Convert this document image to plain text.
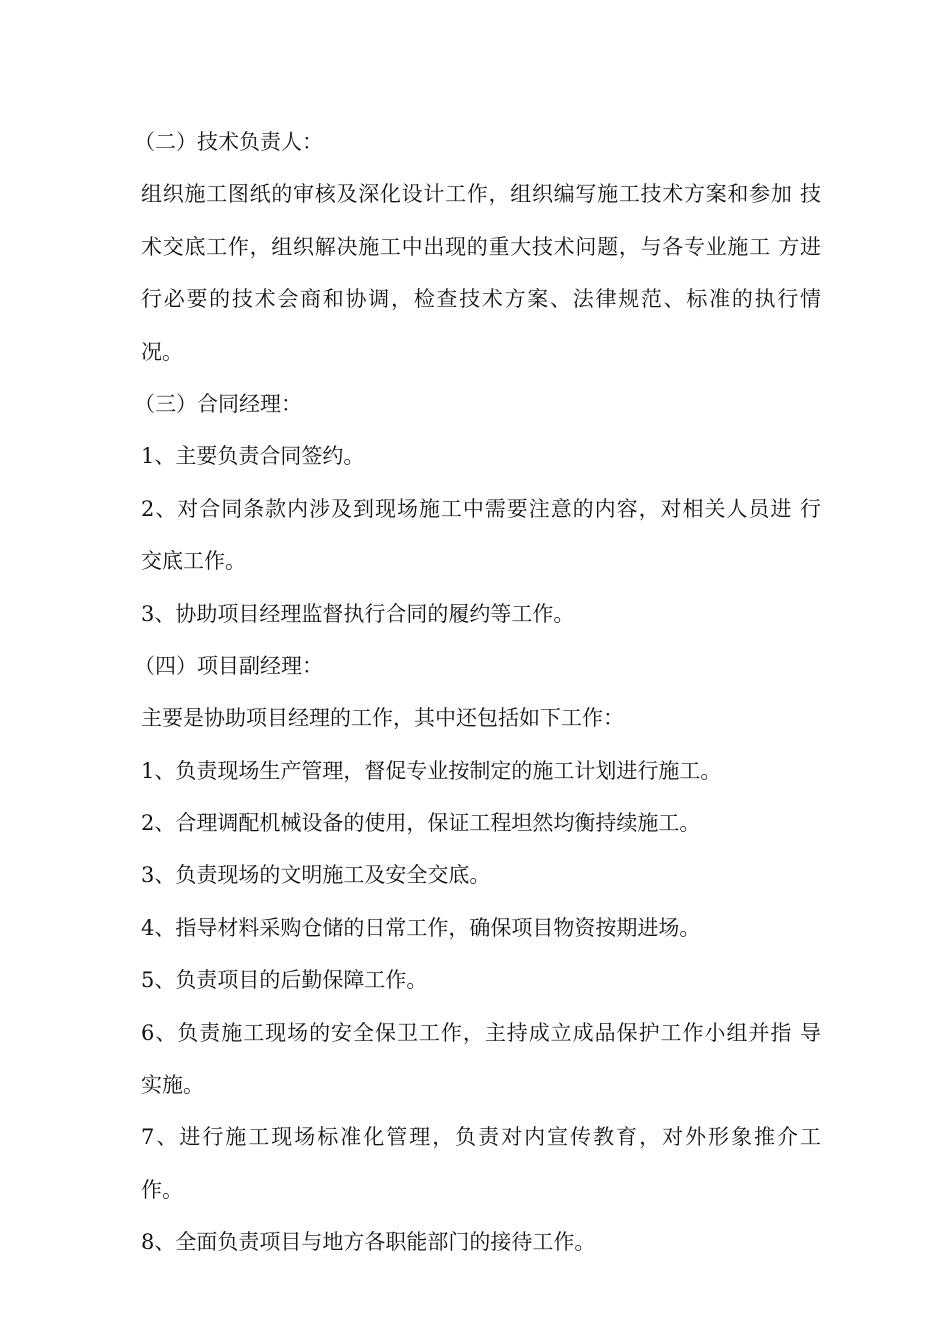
（二）技术负责人：
组织施工图纸的审核及深化设计工作，组织编写施工技术方案和参加 技
术交底工作，组织解决施工中出现的重大技术问题，与各专业施工 方进
行必要的技术会商和协调，检查技术方案、法律规范、标准的执行情
况。
（三）合同经理：
1、主要负责合同签约。
2、对合同条款内涉及到现场施工中需要注意的内容，对相关人员进 行
交底工作。
3、协助项目经理监督执行合同的履约等工作。
（四）项目副经理：
主要是协助项目经理的工作，其中还包括如下工作：
1、负责现场生产管理，督促专业按制定的施工计划进行施工。
2、合理调配机械设备的使用，保证工程坦然均衡持续施工。
3、负责现场的文明施工及安全交底。
4、指导材料采购仓储的日常工作，确保项目物资按期进场。
5、负责项目的后勤保障工作。
6、负责施工现场的安全保卫工作，主持成立成品保护工作小组并指 导
实施。
7、进行施工现场标准化管理，负责对内宣传教育，对外形象推介工
作。
8、全面负责项目与地方各职能部门的接待工作。
